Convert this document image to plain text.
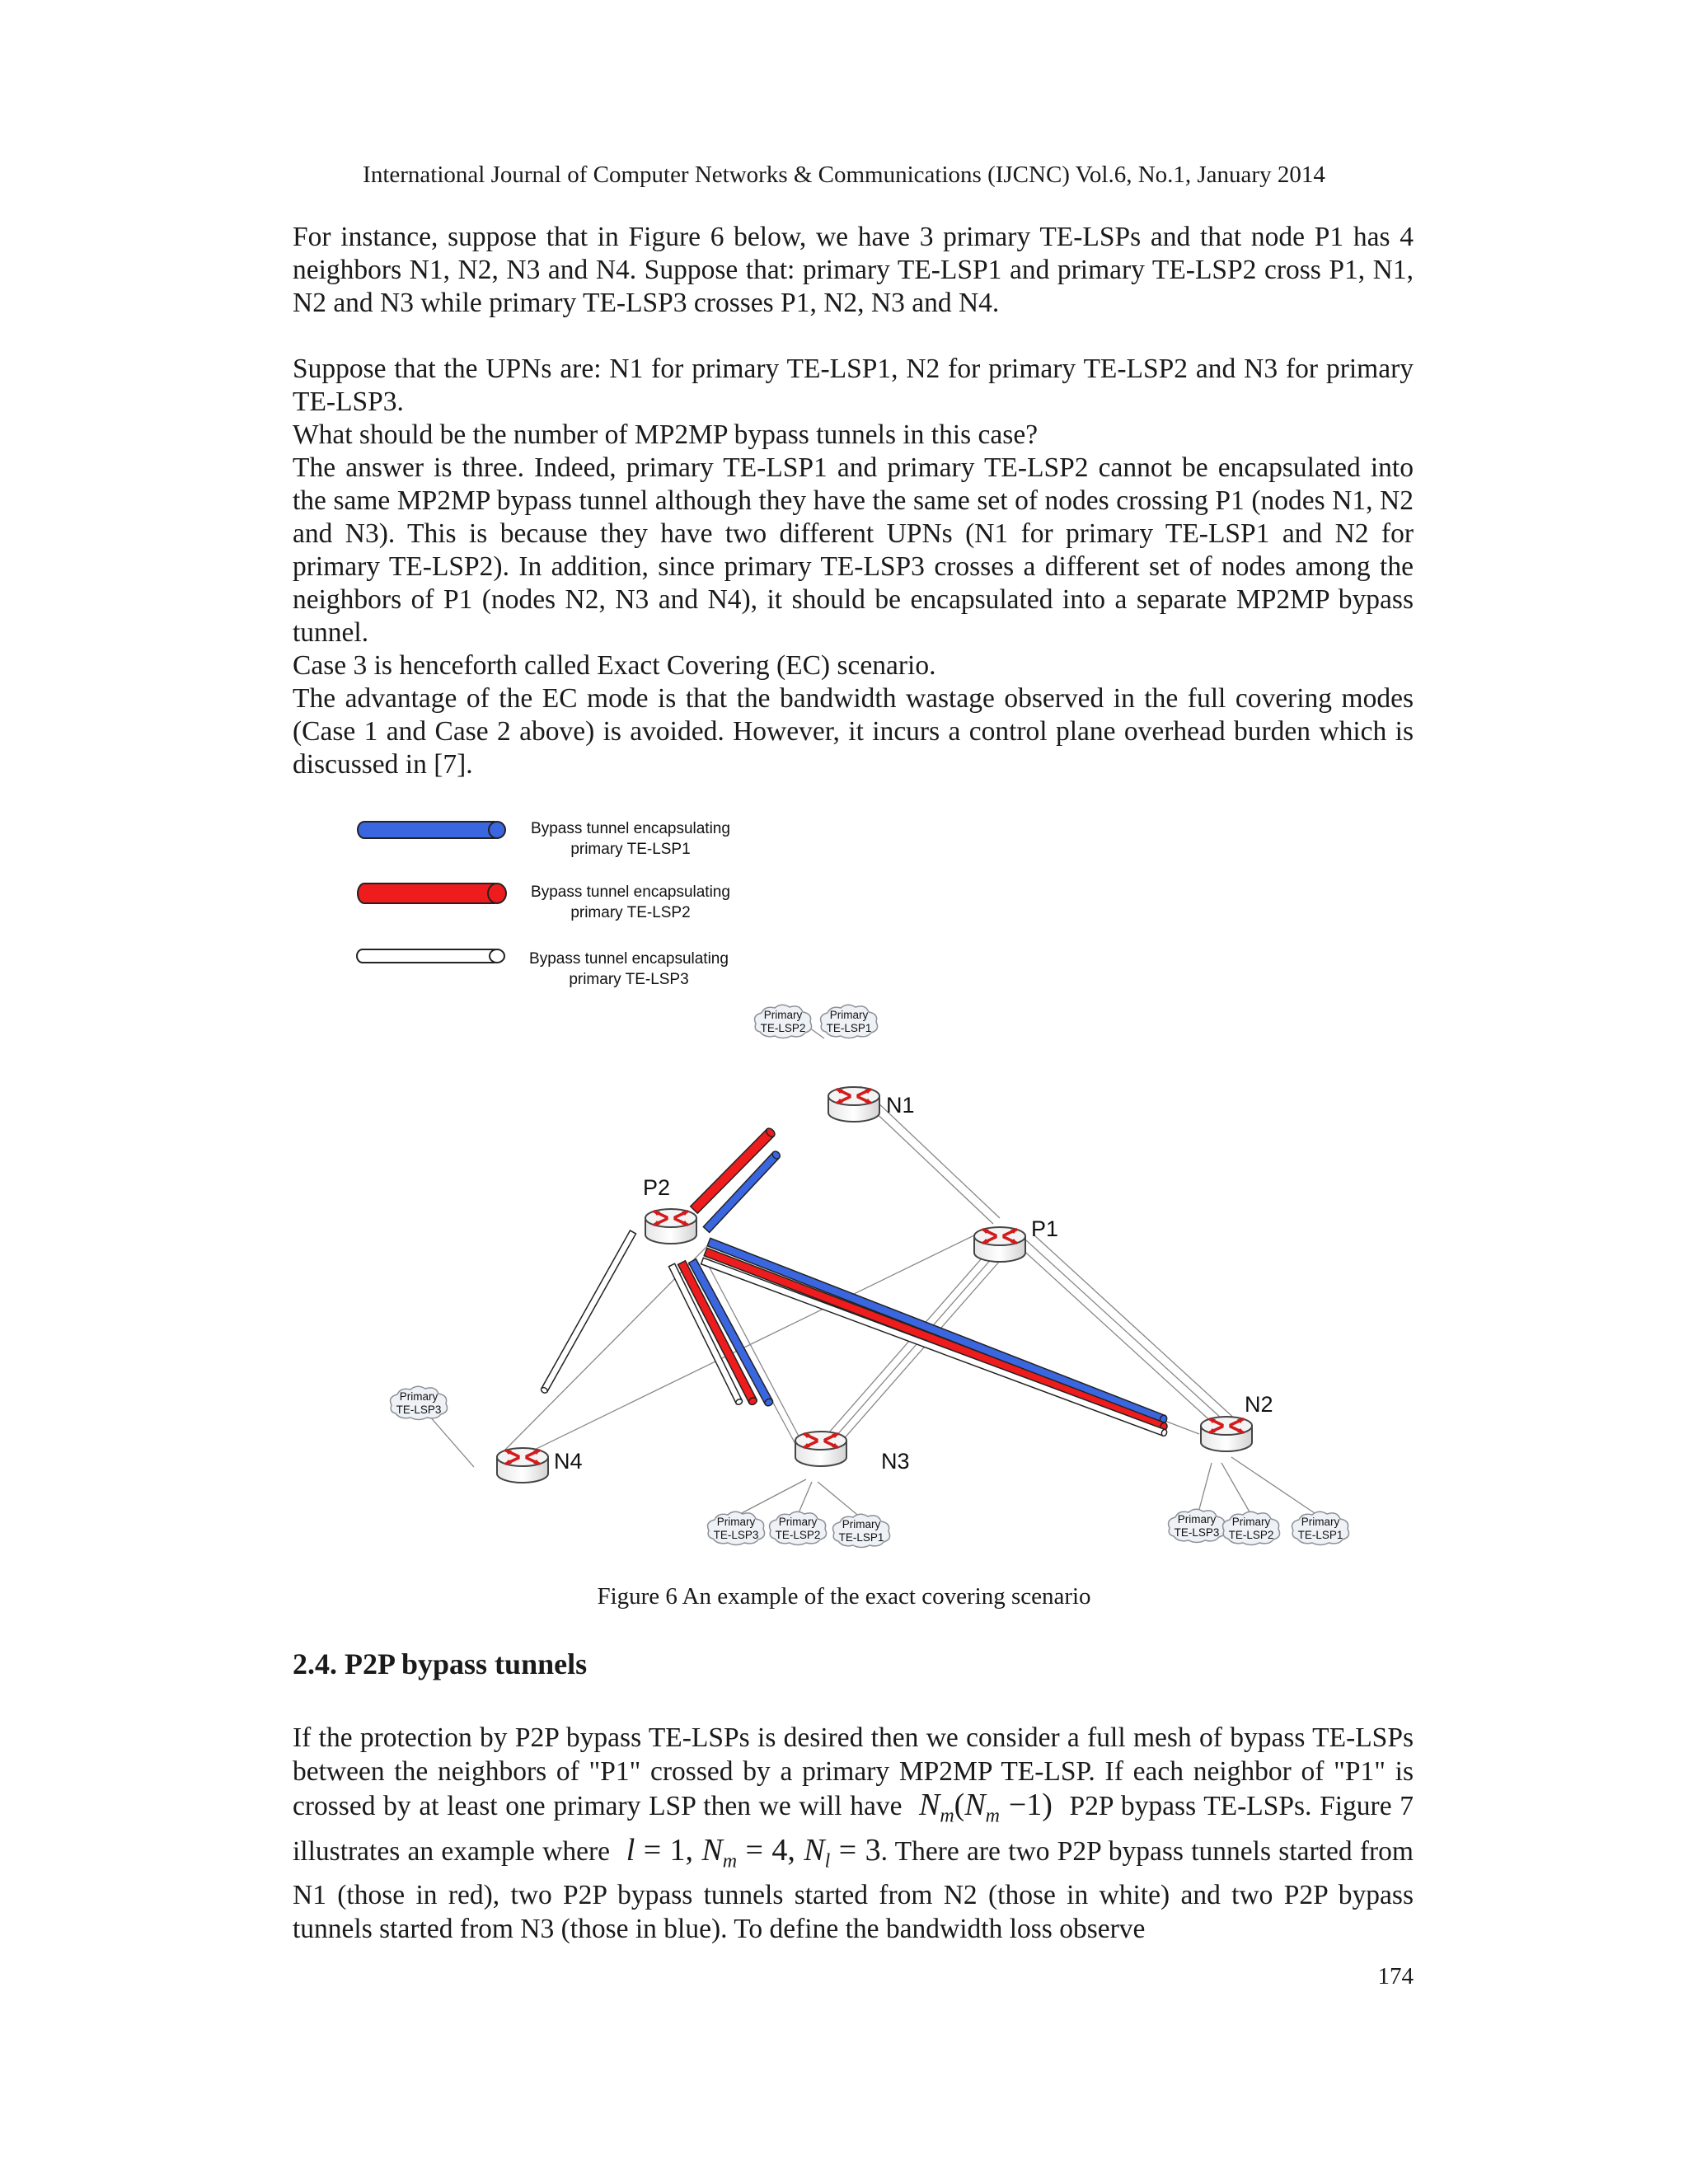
International Journal of Computer Networks & Communications (IJCNC) Vol.6, No.1, January 2014

For instance, suppose that in Figure 6 below, we have 3 primary TE-LSPs and that node P1 has 4 neighbors N1, N2, N3 and N4. Suppose that: primary TE-LSP1 and primary TE-LSP2 cross P1, N1, N2 and N3 while primary TE-LSP3 crosses P1, N2, N3 and N4.

Suppose that the UPNs are: N1 for primary TE-LSP1, N2 for primary TE-LSP2 and N3 for primary TE-LSP3.

What should be the number of MP2MP bypass tunnels in this case?

The answer is three. Indeed, primary TE-LSP1 and primary TE-LSP2 cannot be encapsulated into the same MP2MP bypass tunnel although they have the same set of nodes crossing P1 (nodes N1, N2 and N3). This is because they have two different UPNs (N1 for primary TE-LSP1 and N2 for primary TE-LSP2). In addition, since primary TE-LSP3 crosses a different set of nodes among the neighbors of P1 (nodes N2, N3 and N4), it should be encapsulated into a separate MP2MP bypass tunnel.

Case 3 is henceforth called Exact Covering (EC) scenario.

The advantage of the EC mode is that the bandwidth wastage observed in the full covering modes (Case 1 and Case 2 above) is avoided. However, it incurs a control plane overhead burden which is discussed in [7].

Bypass tunnel encapsulating
primary TE-LSP1
Bypass tunnel encapsulating
primary TE-LSP2
Bypass tunnel encapsulating
primary TE-LSP3
N1
P1
P2
N2
N3
N4
Primary
TE-LSP2
Primary
TE-LSP1
Primary
TE-LSP3
Primary
TE-LSP3
Primary
TE-LSP2
Primary
TE-LSP1
Primary
TE-LSP3
Primary
TE-LSP2
Primary
TE-LSP1
Figure 6 An example of the exact covering scenario
2.4. P2P bypass tunnels

If the protection by P2P bypass TE-LSPs is desired then we consider a full mesh of bypass TE-LSPs between the neighbors of "P1" crossed by a primary MP2MP TE-LSP. If each neighbor of "P1" is crossed by at least one primary LSP then we will have  $N_m(N_m -1)$ P2P bypass TE-LSPs. Figure 7 illustrates an example where  l = 1, $N_m = 4$, $N_l = 3$. There are two P2P bypass tunnels started from N1 (those in red), two P2P bypass tunnels started from N2 (those in white) and two P2P bypass tunnels started from N3 (those in blue). To define the bandwidth loss observe

174
